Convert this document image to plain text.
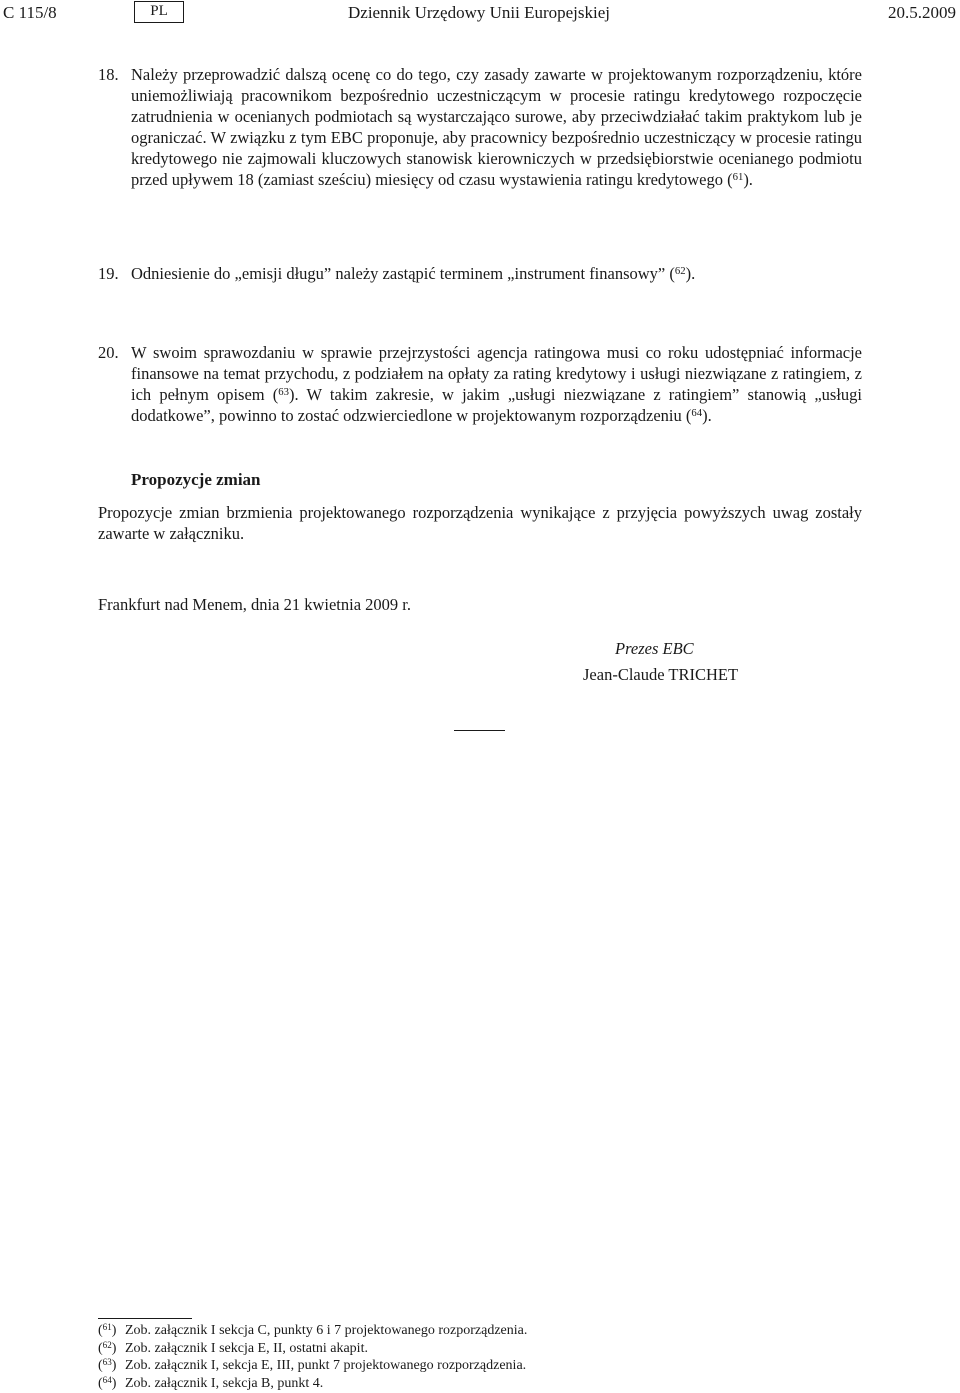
C 115/8	PL	Dziennik Urzędowy Unii Europejskiej	20.5.2009
18. Należy przeprowadzić dalszą ocenę co do tego, czy zasady zawarte w projektowanym rozporządzeniu, które uniemożliwiają pracownikom bezpośrednio uczestniczącym w procesie ratingu kredytowego rozpoczęcie zatrudnienia w ocenianych podmiotach są wystarczająco surowe, aby przeciwdziałać takim praktykom lub je ograniczać. W związku z tym EBC proponuje, aby pracownicy bezpośrednio uczestniczący w procesie ratingu kredytowego nie zajmowali kluczowych stanowisk kierowniczych w przedsiębiorstwie ocenianego podmiotu przed upływem 18 (zamiast sześciu) miesięcy od czasu wystawienia ratingu kredytowego ($^{61}$).
19. Odniesienie do „emisji długu” należy zastąpić terminem „instrument finansowy” ($^{62}$).
20. W swoim sprawozdaniu w sprawie przejrzystości agencja ratingowa musi co roku udostępniać informacje finansowe na temat przychodu, z podziałem na opłaty za rating kredytowy i usługi niezwiązane z ratingiem, z ich pełnym opisem ($^{63}$). W takim zakresie, w jakim „usługi niezwiązane z ratingiem” stanowią „usługi dodatkowe”, powinno to zostać odzwierciedlone w projektowanym rozporządzeniu ($^{64}$).
Propozycje zmian
Propozycje zmian brzmienia projektowanego rozporządzenia wynikające z przyjęcia powyższych uwag zostały zawarte w załączniku.
Frankfurt nad Menem, dnia 21 kwietnia 2009 r.
Prezes EBC
Jean-Claude TRICHET
($^{61}$) Zob. załącznik I sekcja C, punkty 6 i 7 projektowanego rozporządzenia.
($^{62}$) Zob. załącznik I sekcja E, II, ostatni akapit.
($^{63}$) Zob. załącznik I, sekcja E, III, punkt 7 projektowanego rozporządzenia.
($^{64}$) Zob. załącznik I, sekcja B, punkt 4.
